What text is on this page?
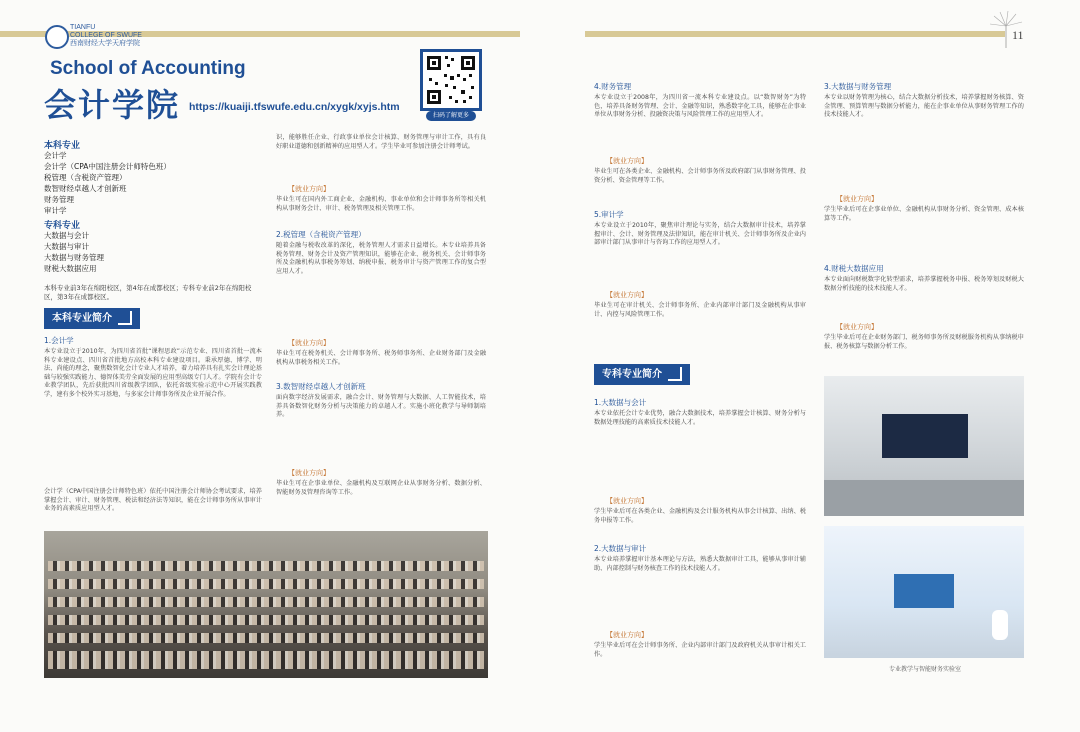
TIANFU
COLLEGE OF SWUFE
西南财经大学天府学院
11
School of Accounting
会计学院 https://kuaiji.tfswufe.edu.cn/xygk/xyjs.htm
扫码了解更多
本科专业
会计学
会计学（CPA中国注册会计师特色班）
税管理（含税资产管理）
数智财经卓越人才创新班
财务管理
审计学
专科专业
大数据与会计
大数据与审计
大数据与财务管理
财税大数据应用
本科专业前3年在绵阳校区，第4年在成都校区；专科专业前2年在绵阳校区，第3年在成都校区。
本科专业简介
1.会计学
本专业设立于2010年，为四川省首批“课程思政”示范专业、四川省首批一流本科专业建设点、四川省首批地方高校本科专业建设项目。秉承厚德、博学、明法、尚能的理念，聚焦数智化会计专业人才培养，着力培养具有扎实会计理论基础与较强实践能力、德智体美劳全面发展的应用型高级专门人才。学院有会计专业教学团队，先后获批四川省级教学团队，依托省级实验示范中心开展实践教学，建有多个校外实习基地，与多家会计师事务所及企业开展合作。
会计学（CPA中国注册会计师特色班）依托中国注册会计师协会考试要求，培养掌握会计、审计、财务管理、税法和经济法等知识，能在会计师事务所从事审计业务的高素质应用型人才。
识，能够胜任企业、行政事业单位会计核算、财务管理与审计工作，具有良好职业道德和创新精神的应用型人才。学生毕业可参加注册会计师考试。
【就业方向】
毕业生可在国内外工商企业、金融机构、事业单位和会计师事务所等相关机构从事财务会计、审计、税务管理及相关管理工作。
2.税管理（含税资产管理）
随着金融与税收改革的深化，税务管理人才需求日益增长。本专业培养具备税务管理、财务会计及资产管理知识，能够在企业、税务机关、会计师事务所及金融机构从事税务筹划、纳税申报、税务审计与资产管理工作的复合型应用人才。
【就业方向】
毕业生可在税务机关、会计师事务所、税务师事务所、企业财务部门及金融机构从事税务相关工作。
3.数智财经卓越人才创新班
面向数字经济发展需求，融合会计、财务管理与大数据、人工智能技术，培养具备数智化财务分析与决策能力的卓越人才。实施小班化教学与导师制培养。
【就业方向】
毕业生可在企事业单位、金融机构及互联网企业从事财务分析、数据分析、智能财务及管理咨询等工作。
4.财务管理
本专业设立于2008年，为四川省一流本科专业建设点。以“数智财务”为特色，培养具备财务管理、会计、金融等知识，熟悉数字化工具，能够在企事业单位从事财务分析、投融资决策与风险管理工作的应用型人才。
【就业方向】
毕业生可在各类企业、金融机构、会计师事务所及政府部门从事财务管理、投资分析、资金管理等工作。
5.审计学
本专业设立于2010年，聚焦审计理论与实务，结合大数据审计技术，培养掌握审计、会计、财务管理及法律知识，能在审计机关、会计师事务所及企业内部审计部门从事审计与咨询工作的应用型人才。
【就业方向】
毕业生可在审计机关、会计师事务所、企业内部审计部门及金融机构从事审计、内控与风险管理工作。
专科专业简介
1.大数据与会计
本专业依托会计专业优势，融合大数据技术，培养掌握会计核算、财务分析与数据处理技能的高素质技术技能人才。
【就业方向】
学生毕业后可在各类企业、金融机构及会计服务机构从事会计核算、出纳、税务申报等工作。
2.大数据与审计
本专业培养掌握审计基本理论与方法，熟悉大数据审计工具，能够从事审计辅助、内部控制与财务核查工作的技术技能人才。
【就业方向】
学生毕业后可在会计师事务所、企业内部审计部门及政府机关从事审计相关工作。
3.大数据与财务管理
本专业以财务管理为核心，结合大数据分析技术，培养掌握财务核算、资金管理、预算管理与数据分析能力，能在企事业单位从事财务管理工作的技术技能人才。
【就业方向】
学生毕业后可在企事业单位、金融机构从事财务分析、资金管理、成本核算等工作。
4.财税大数据应用
本专业面向财税数字化转型需求，培养掌握税务申报、税务筹划及财税大数据分析技能的技术技能人才。
【就业方向】
学生毕业后可在企业财务部门、税务师事务所及财税服务机构从事纳税申报、税务核算与数据分析工作。
专业教学与智能财务实验室
